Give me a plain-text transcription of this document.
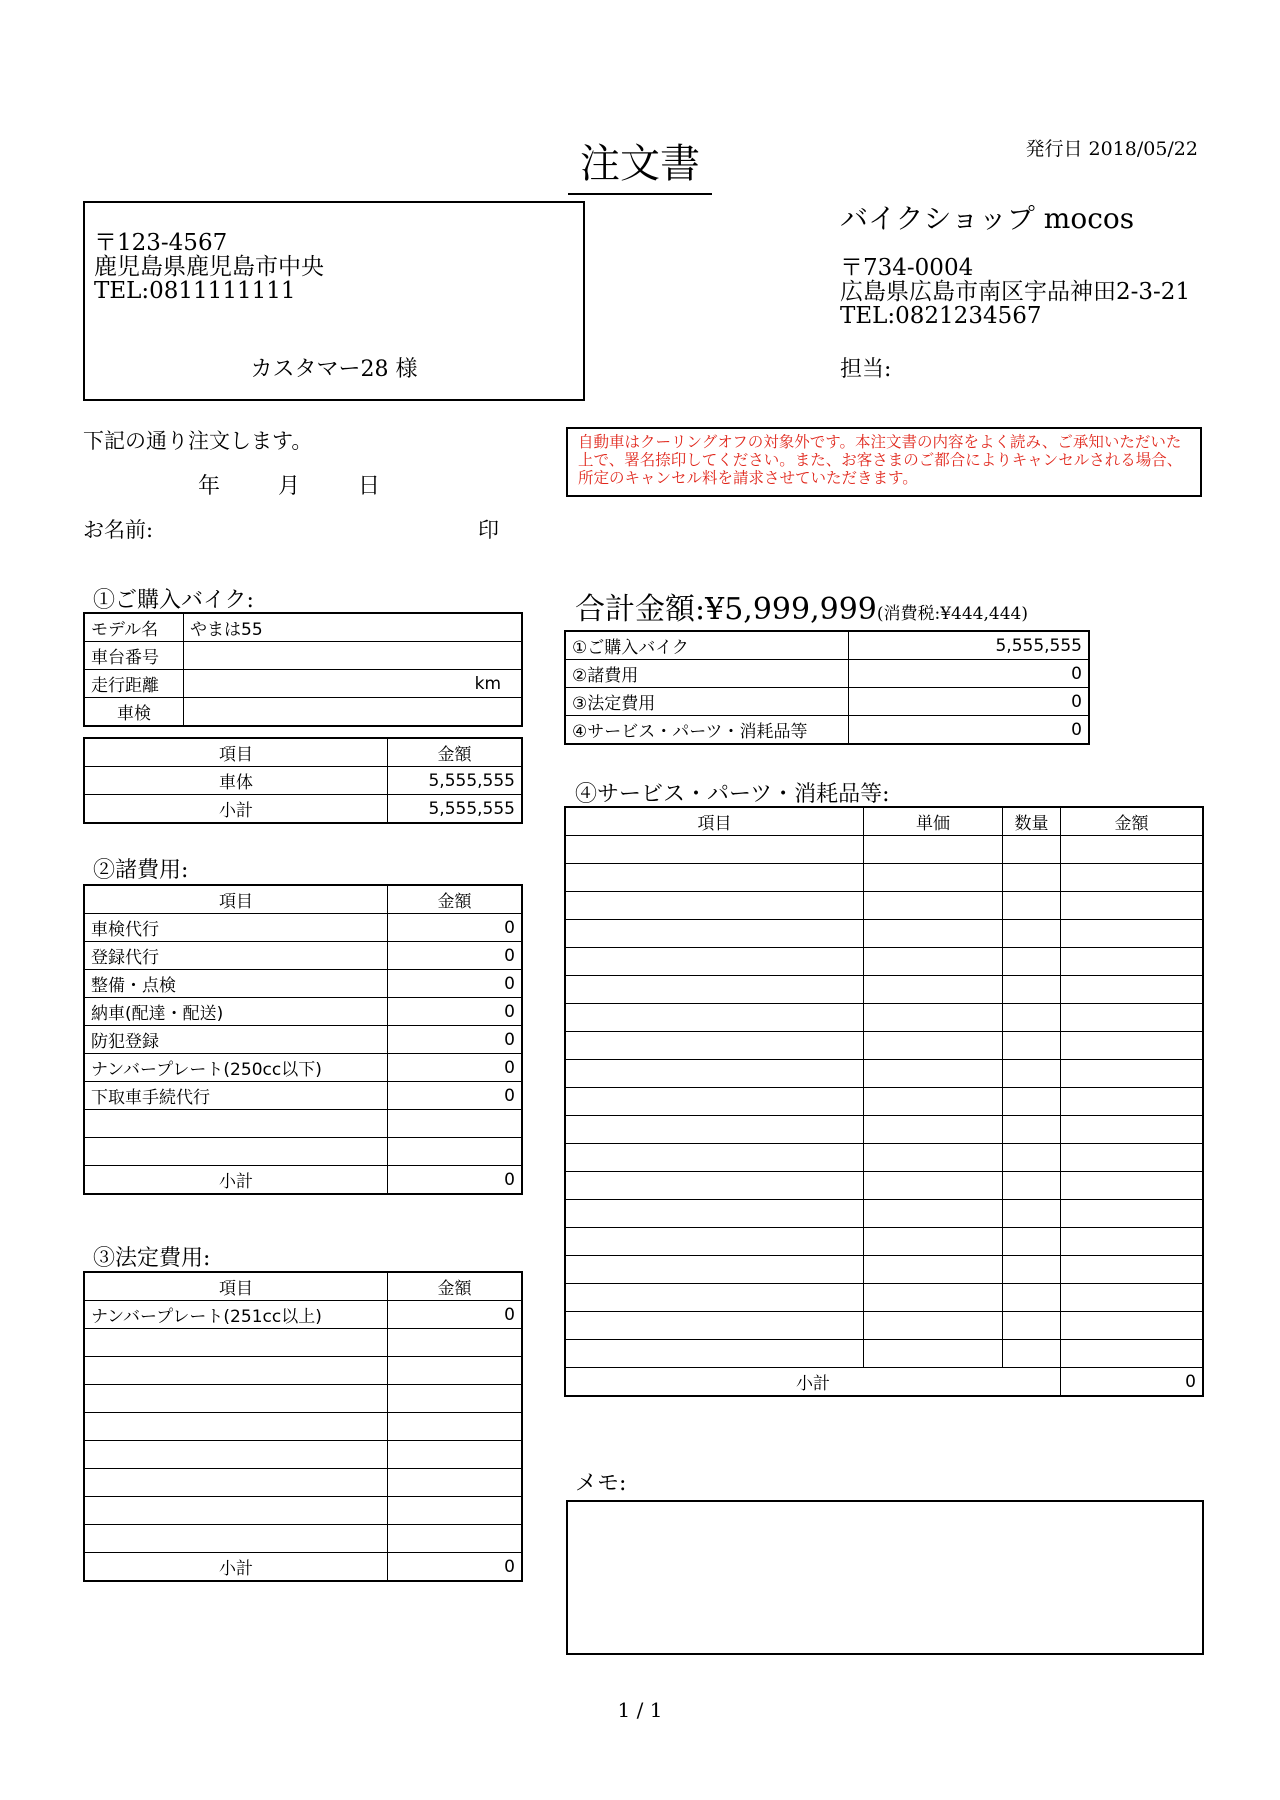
注文書	発行日 2018/05/22
〒123-4567
鹿児島県鹿児島市中央
TEL:0811111111
カスタマー28 様
バイクショップ mocos
〒734-0004
広島県広島市南区宇品神田2-3-21
TEL:0821234567
担当:
下記の通り注文します。
年	月	日
お名前:	印
自動車はクーリングオフの対象外です。本注文書の内容をよく読み、ご承知いただいた上で、署名捺印してください。また、お客さまのご都合によりキャンセルされる場合、所定のキャンセル料を請求させていただきます。
①ご購入バイク:
モデル名	やまは55
車台番号	
走行距離	km
車検	
項目	金額
車体	5,555,555
小計	5,555,555
②諸費用:
項目	金額
車検代行	0
登録代行	0
整備・点検	0
納車(配達・配送)	0
防犯登録	0
ナンバープレート(250cc以下)	0
下取車手続代行	0

小計	0
③法定費用:
項目	金額
ナンバープレート(251cc以上)	0

小計	0
合計金額:¥5,999,999(消費税:¥444,444)
①ご購入バイク	5,555,555
②諸費用	0
③法定費用	0
④サービス・パーツ・消耗品等	0
④サービス・パーツ・消耗品等:
項目	単価	数量	金額

小計			0
メモ:
1 / 1
